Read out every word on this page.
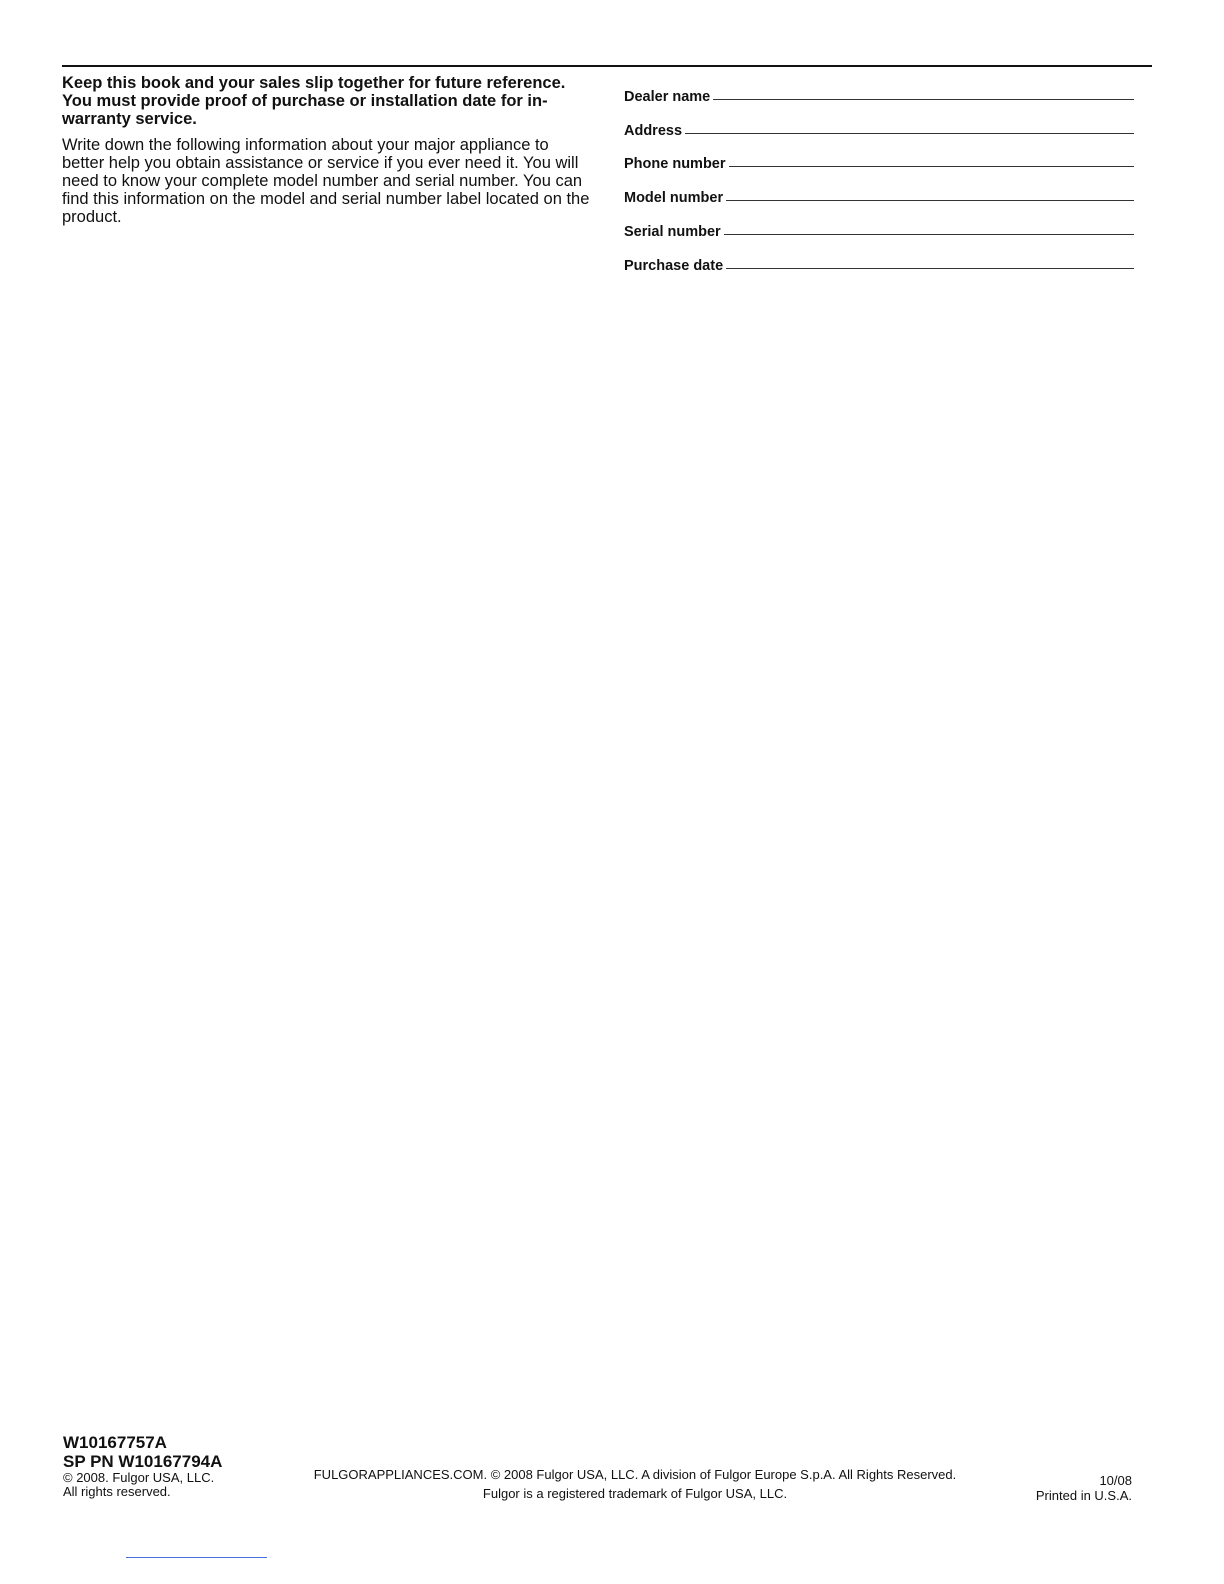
Keep this book and your sales slip together for future reference. You must provide proof of purchase or installation date for in-warranty service.

Write down the following information about your major appliance to better help you obtain assistance or service if you ever need it. You will need to know your complete model number and serial number. You can find this information on the model and serial number label located on the product.

Dealer name
Address
Phone number
Model number
Serial number
Purchase date

W10167757A

SP PN W10167794A

© 2008. Fulgor USA, LLC.

All rights reserved.

FULGORAPPLIANCES.COM. © 2008 Fulgor USA, LLC. A division of Fulgor Europe S.p.A. All Rights Reserved.
Fulgor is a registered trademark of Fulgor USA, LLC.
10/08
Printed in U.S.A.
